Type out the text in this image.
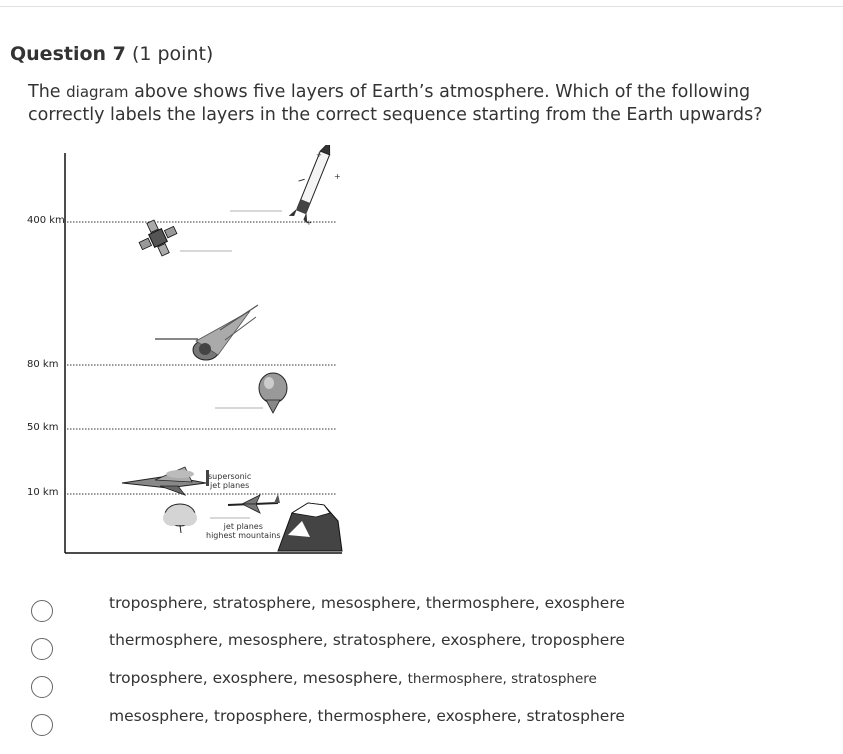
Question 7 (1 point)
The diagram above shows five layers of Earth’s atmosphere. Which of the following correctly labels the layers in the correct sequence starting from the Earth upwards?
+
+
+
400 km
80 km
50 km
10 km
supersonic
jet planes
jet planes
highest mountains
troposphere, stratosphere, mesosphere, thermosphere, exosphere
thermosphere, mesosphere, stratosphere, exosphere, troposphere
troposphere, exosphere, mesosphere, thermosphere, stratosphere
mesosphere, troposphere, thermosphere, exosphere, stratosphere
